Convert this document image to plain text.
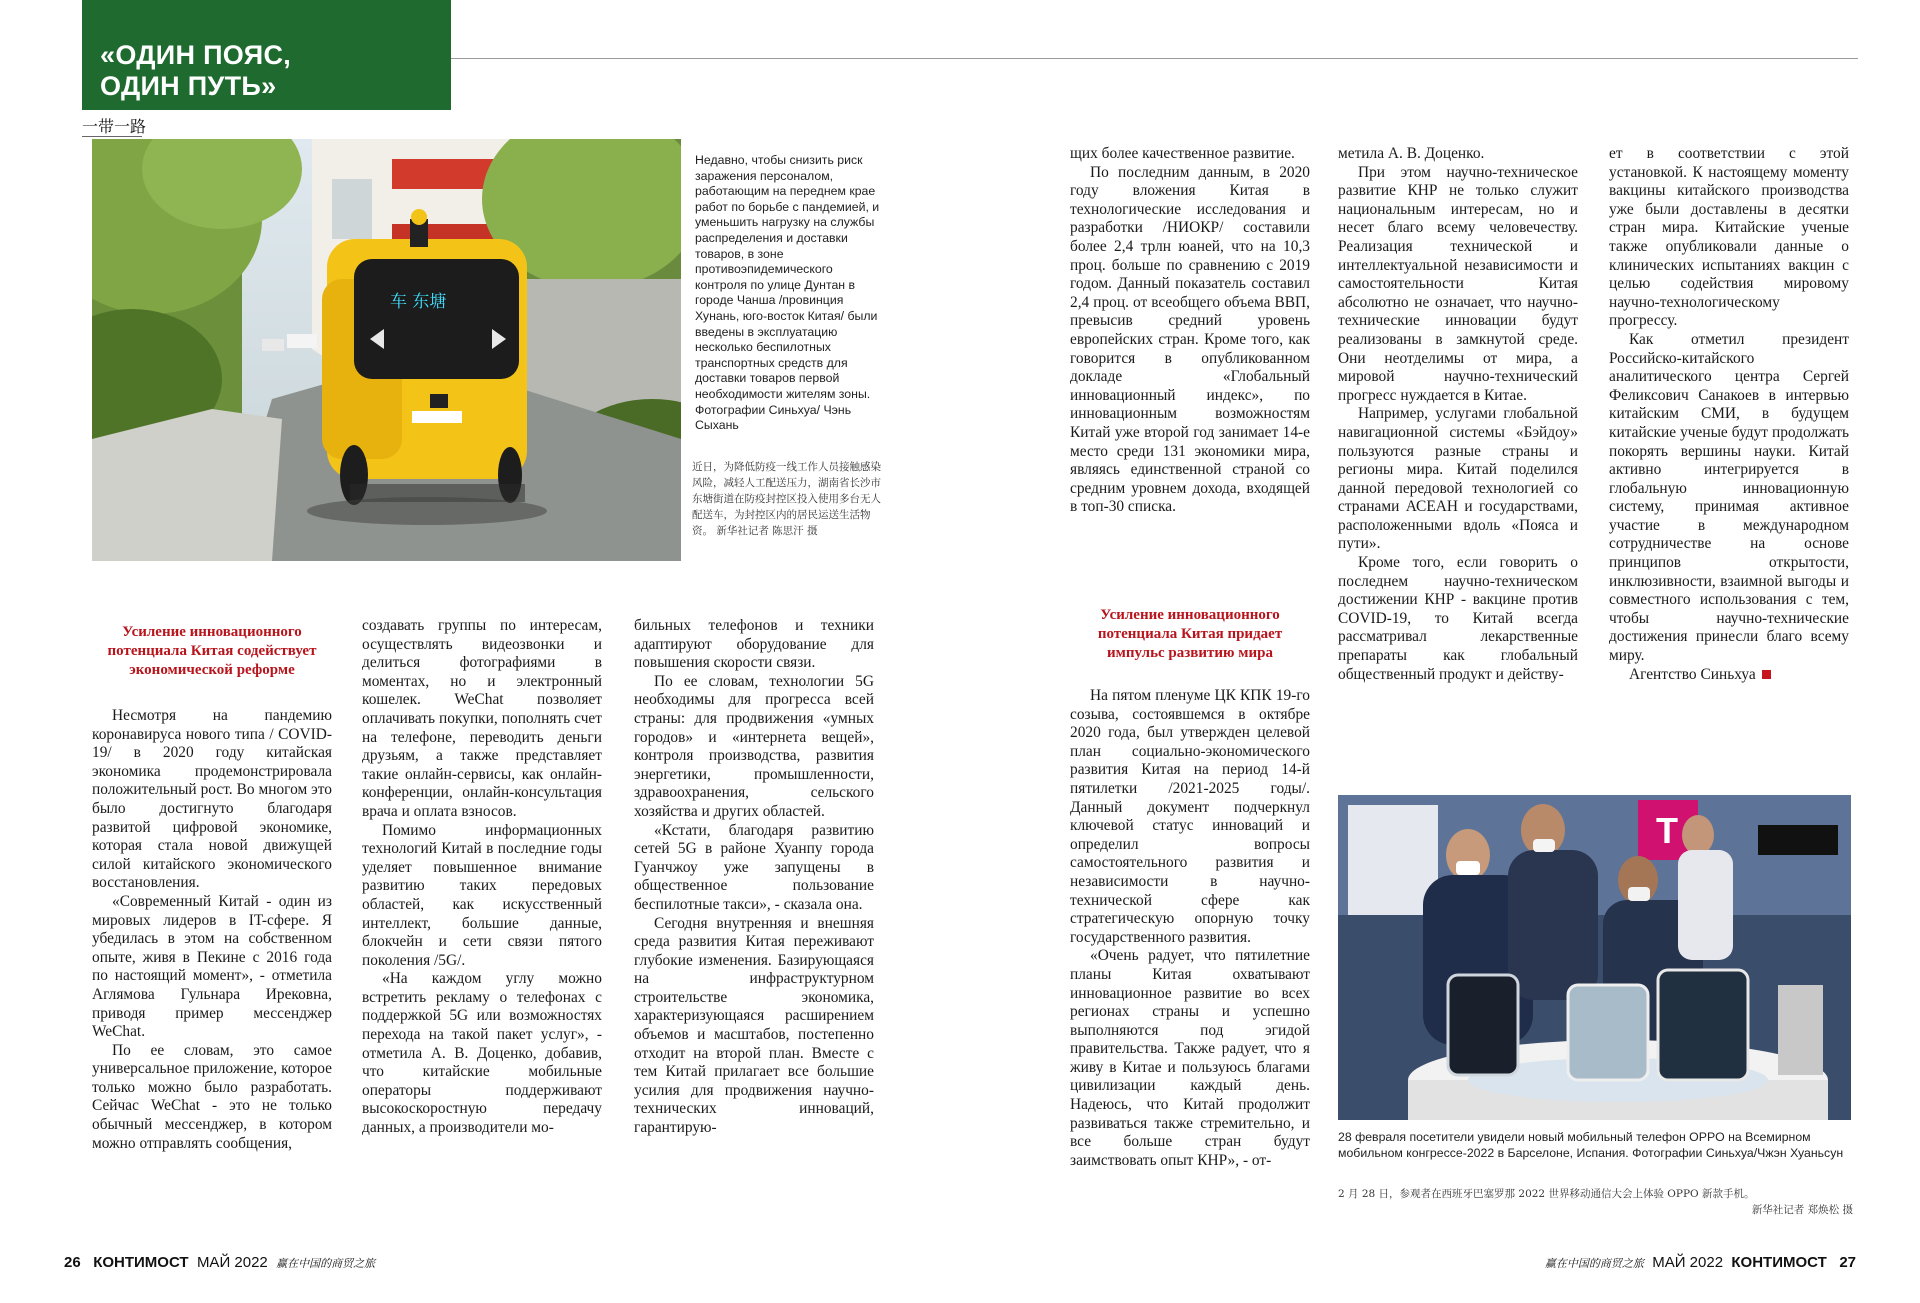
«ОДИН ПОЯС,
ОДИН ПУТЬ»
一带一路
车 东塘
Недавно, чтобы снизить риск заражения персоналом, работающим на переднем крае работ по борьбе с пандемией, и уменьшить нагрузку на службы распределения и доставки товаров, в зоне противоэпидемического контроля по улице Дунтан в городе Чанша /провинция Хунань, юго-восток Китая/ были введены в эксплуатацию несколько беспилотных транспортных средств для доставки товаров первой необходимости жителям зоны. Фотографии Синьхуа/ Чэнь Сыхань
近日，为降低防疫一线工作人员接触感染风险，减轻人工配送压力，湖南省长沙市东塘街道在防疫封控区投入使用多台无人配送车，为封控区内的居民运送生活物资。 新华社记者 陈思汗 摄
T
28 февраля посетители увидели новый мобильный телефон OPPO на Всемирном мобильном конгрессе-2022 в Барселоне, Испания. Фотографии Синьхуа/Чжэн Хуаньсун
2 月 28 日，参观者在西班牙巴塞罗那 2022 世界移动通信大会上体验 OPPO 新款手机。
新华社记者 郑焕松 摄
Усиление инновационного потенциала Китая содействует экономической реформе
Усиление инновационного потенциала Китая придает импульс развитию мира

Несмотря на пандемию коронавируса нового типа / COVID-19/ в 2020 году китайская экономика продемонстрировала положительный рост. Во многом это было достигнуто благодаря развитой цифровой экономике, которая стала новой движущей силой китайского экономического восстановления.

«Современный Китай - один из мировых лидеров в IT-сфере. Я убедилась в этом на собственном опыте, живя в Пекине с 2016 года по настоящий момент», - отметила Аглямова Гульнара Ирековна, приводя пример мессенджер WeChat.

По ее словам, это самое универсальное приложение, которое только можно было разработать. Сейчас WeChat - это не только обычный мессенджер, в котором можно отправлять сообщения,

создавать группы по интересам, осуществлять видеозвонки и делиться фотографиями в моментах, но и электронный кошелек. WeChat позволяет оплачивать покупки, пополнять счет на телефоне, переводить деньги друзьям, а также представляет такие онлайн-сервисы, как онлайн-конференции, онлайн-консультация врача и оплата взносов.

Помимо информационных технологий Китай в последние годы уделяет повышенное внимание развитию таких передовых областей, как искусственный интеллект, большие данные, блокчейн и сети связи пятого поколения /5G/.

«На каждом углу можно встретить рекламу о телефонах с поддержкой 5G или возможностях перехода на такой пакет услуг», - отметила А. В. Доценко, добавив, что китайские мобильные операторы поддерживают высокоскоростную передачу данных, а производители мо-

бильных телефонов и техники адаптируют оборудование для повышения скорости связи.

По ее словам, технологии 5G необходимы для прогресса всей страны: для продвижения «умных городов» и «интернета вещей», контроля производства, развития энергетики, промышленности, здравоохранения, сельского хозяйства и других областей.

«Кстати, благодаря развитию сетей 5G в районе Хуанпу города Гуанчжоу уже запущены в общественное пользование беспилотные такси», - сказала она.

Сегодня внутренняя и внешняя среда развития Китая переживают глубокие изменения. Базирующаяся на инфраструктурном строительстве экономика, характеризующаяся расширением объемов и масштабов, постепенно отходит на второй план. Вместе с тем Китай прилагает все большие усилия для продвижения научно-технических инноваций, гарантирую-

щих более качественное развитие.

По последним данным, в 2020 году вложения Китая в технологические исследования и разработки /НИОКР/ составили более 2,4 трлн юаней, что на 10,3 проц. больше по сравнению с 2019 годом. Данный показатель составил 2,4 проц. от всеобщего объема ВВП, превысив средний уровень европейских стран. Кроме того, как говорится в опубликованном докладе «Глобальный инновационный индекс», по инновационным возможностям Китай уже второй год занимает 14-е место среди 131 экономики мира, являясь единственной страной со средним уровнем дохода, входящей в топ-30 списка.

На пятом пленуме ЦК КПК 19-го созыва, состоявшемся в октябре 2020 года, был утвержден целевой план социально-экономического развития Китая на период 14-й пятилетки /2021-2025 годы/. Данный документ подчеркнул ключевой статус инноваций и определил вопросы самостоятельного развития и независимости в научно-технической сфере как стратегическую опорную точку государственного развития.

«Очень радует, что пятилетние планы Китая охватывают инновационное развитие во всех регионах страны и успешно выполняются под эгидой правительства. Также радует, что я живу в Китае и пользуюсь благами цивилизации каждый день. Надеюсь, что Китай продолжит развиваться также стремительно, и все больше стран будут заимствовать опыт КНР», - от-

метила А. В. Доценко.

При этом научно-техническое развитие КНР не только служит национальным интересам, но и несет благо всему человечеству. Реализация технической и интеллектуальной независимости и самостоятельности Китая абсолютно не означает, что научно-технические инновации будут реализованы в замкнутой среде. Они неотделимы от мира, а мировой научно-технический прогресс нуждается в Китае.

Например, услугами глобальной навигационной системы «Бэйдоу» пользуются разные страны и регионы мира. Китай поделился данной передовой технологией со странами АСЕАН и государствами, расположенными вдоль «Пояса и пути».

Кроме того, если говорить о последнем научно-техническом достижении КНР - вакцине против COVID-19, то Китай всегда рассматривал лекарственные препараты как глобальный общественный продукт и действу-

ет в соответствии с этой установкой. К настоящему моменту вакцины китайского производства уже были доставлены в десятки стран мира. Китайские ученые также опубликовали данные о клинических испытаниях вакцин с целью содействия мировому научно-технологическому прогрессу.

Как отметил президент Российско-китайского аналитического центра Сергей Феликсович Санакоев в интервью китайским СМИ, в будущем китайские ученые будут продолжать покорять вершины науки. Китай активно интегрируется в глобальную инновационную систему, принимая активное участие в международном сотрудничестве на основе принципов открытости, инклюзивности, взаимной выгоды и совместного использования с тем, чтобы научно-технические достижения принесли благо всему миру.

Агентство Синьхуа

26 КОНТИМОСТ МАЙ 2022 赢在中国的商贸之旅	赢在中国的商贸之旅 МАЙ 2022 КОНТИМОСТ 27
